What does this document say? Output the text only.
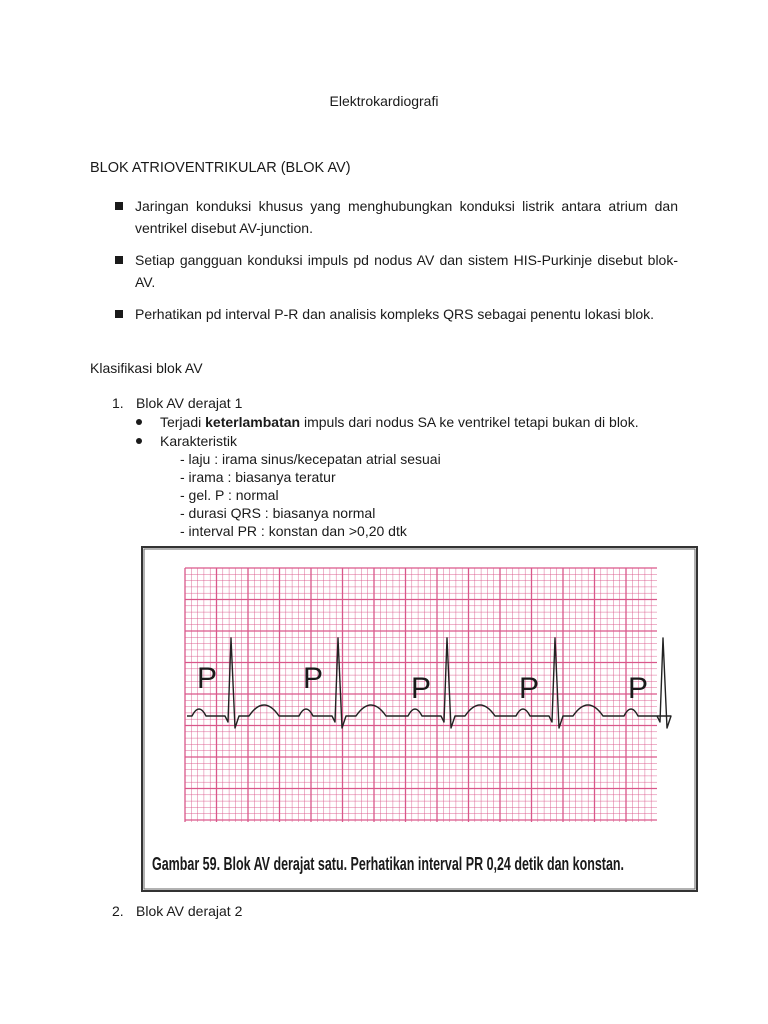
Elektrokardiografi
BLOK ATRIOVENTRIKULAR (BLOK AV)
Jaringan konduksi khusus yang menghubungkan konduksi listrik antara atrium dan ventrikel disebut AV-junction.
Setiap gangguan konduksi impuls pd nodus AV dan sistem HIS-Purkinje disebut blok-AV.
Perhatikan pd interval P-R dan analisis kompleks QRS sebagai penentu lokasi blok.
Klasifikasi blok AV
1. Blok AV derajat 1
Terjadi keterlambatan impuls dari nodus SA ke ventrikel tetapi bukan di blok.
Karakteristik
- laju : irama sinus/kecepatan atrial sesuai
- irama : biasanya teratur
- gel. P : normal
- durasi QRS : biasanya normal
- interval PR : konstan dan >0,20 dtk
P	P	P	P	P
Gambar 59. Blok AV derajat satu. Perhatikan interval PR 0,24 detik dan konstan.
2. Blok AV derajat 2
